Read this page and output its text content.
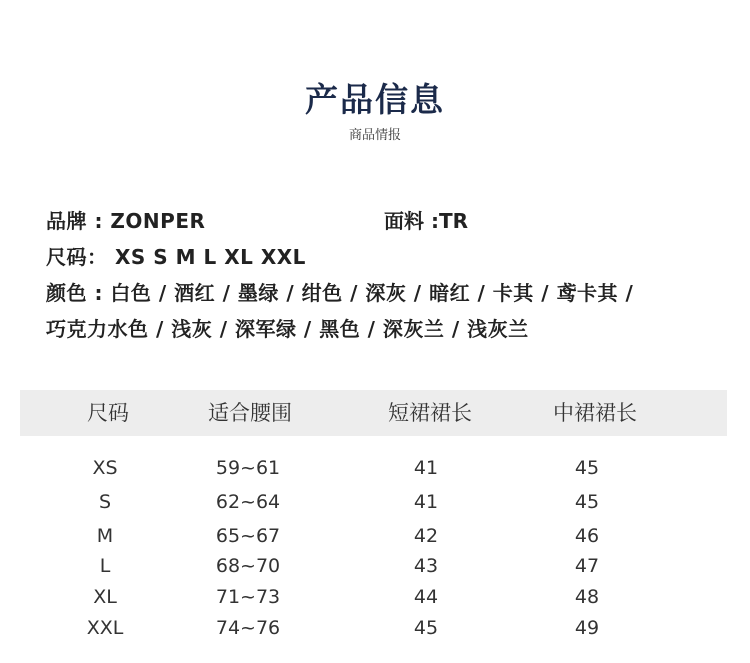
产品信息
商品情报
品牌 : ZONPER	面料 :TR
尺码： XS S M L XL XXL
颜色 : 白色 / 酒红 / 墨绿 / 绀色 / 深灰 / 暗红 / 卡其 / 鸢卡其 /
巧克力水色 / 浅灰 / 深军绿 / 黑色 / 深灰兰 / 浅灰兰
尺码	适合腰围	短裙裙长	中裙裙长
XS	59~61	41	45
S	62~64	41	45
M	65~67	42	46
L	68~70	43	47
XL	71~73	44	48
XXL	74~76	45	49
